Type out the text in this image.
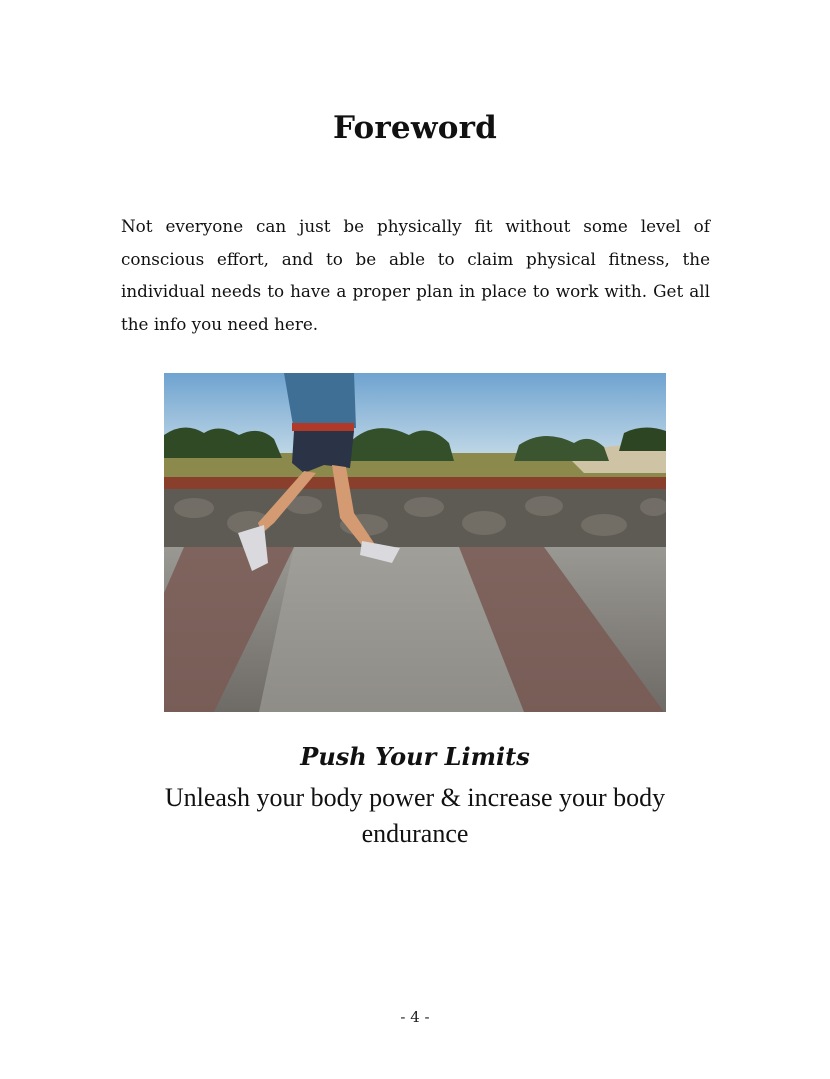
Foreword

Not everyone can just be physically fit without some level of conscious effort, and to be able to claim physical fitness, the individual needs to have a proper plan in place to work with. Get all the info you need here.

Push Your Limits

Unleash your body power & increase your body endurance

- 4 -
